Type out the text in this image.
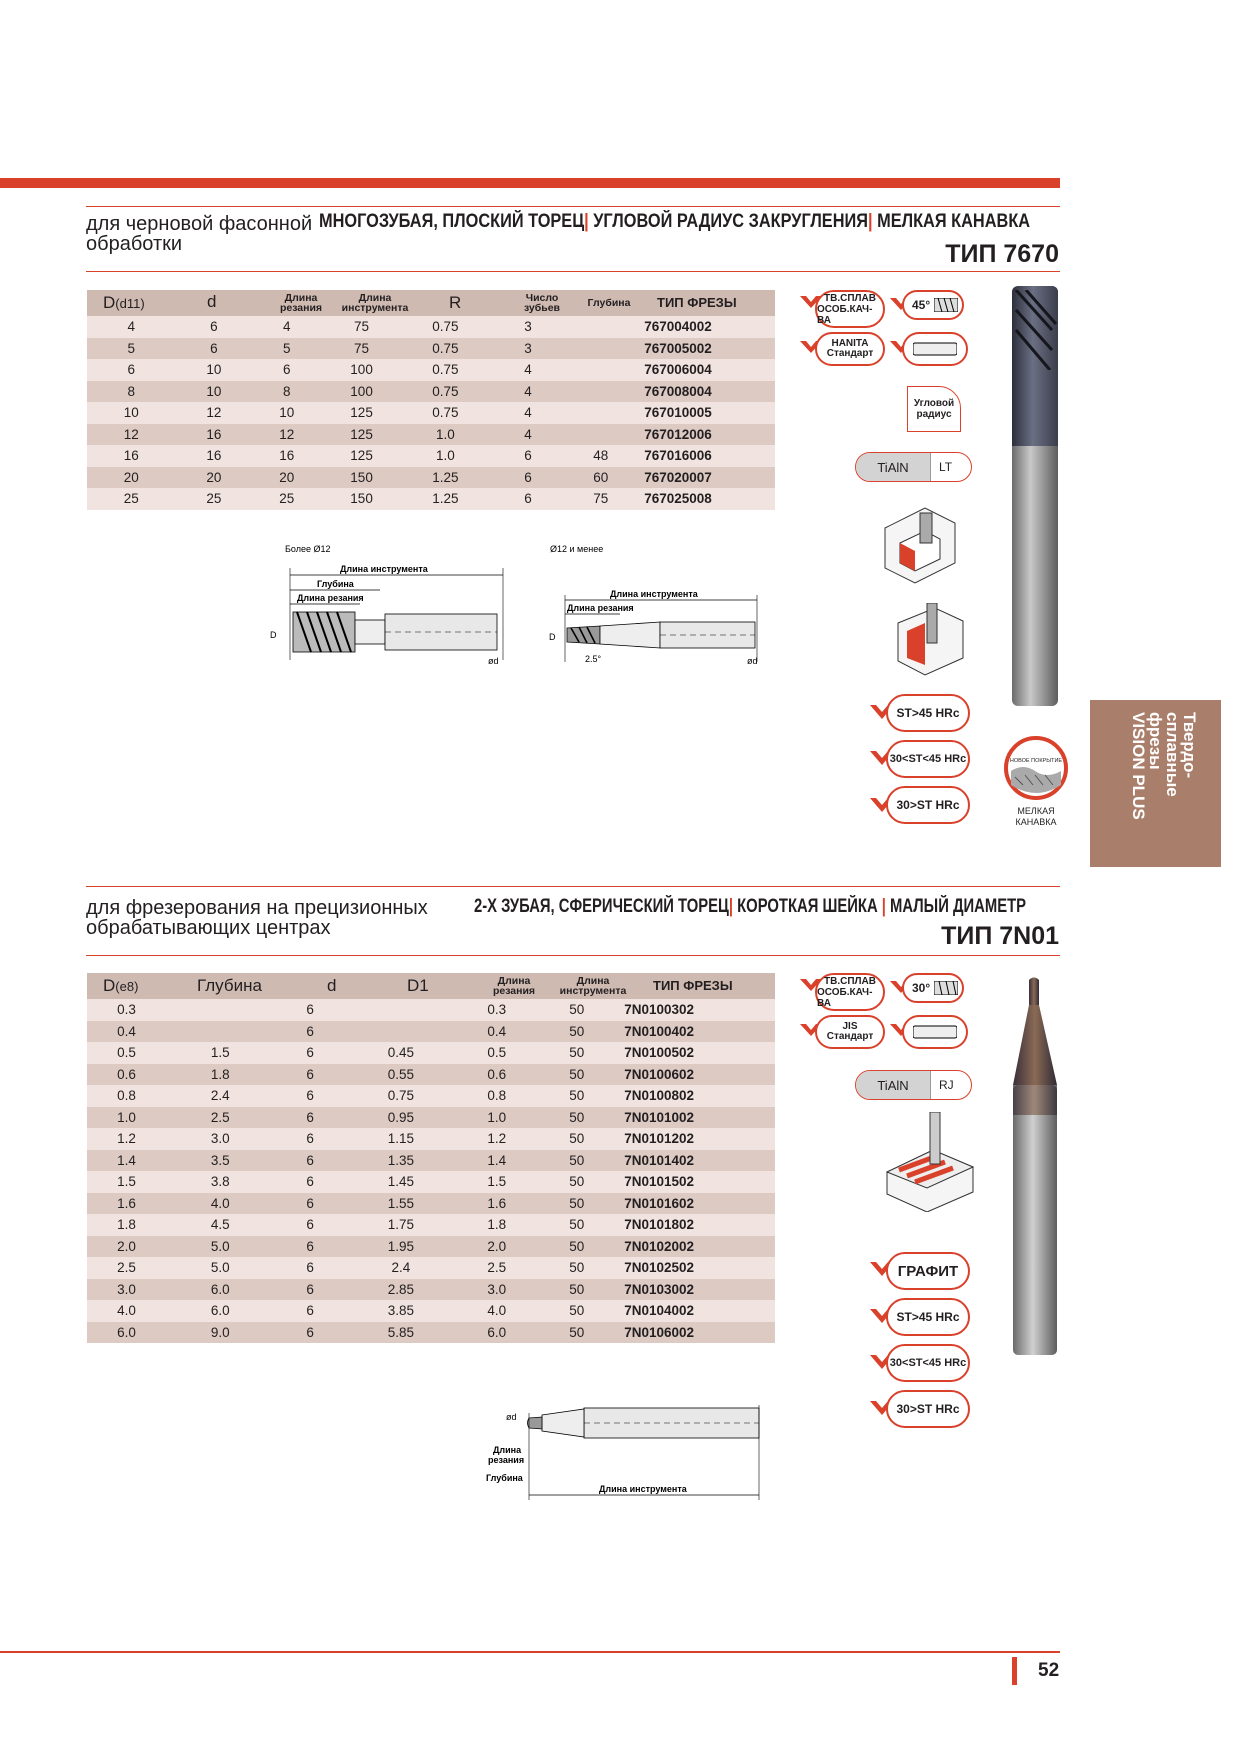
для черновой фасонной
обработки
МНОГОЗУБАЯ, ПЛОСКИЙ ТОРЕЦ| УГЛОВОЙ РАДИУС ЗАКРУГЛЕНИЯ| МЕЛКАЯ КАНАВКА
ТИП 7670
D(d11)	d	Длина
резания
Длина
инструмента	R	Число
зубьев	Глубина ТИП ФРЕЗЫ
4	6	4	75	0.75	3		767004002
5	6	5	75	0.75	3		767005002
6	10	6	100	0.75	4		767006004
8	10	8	100	0.75	4		767008004
10	12	10	125	0.75	4		767010005
12	16	12	125	1.0	4		767012006
16	16	16	125	1.0	6	48	767016006
20	20	20	150	1.25	6	60	767020007
25	25	25	150	1.25	6	75	767025008
Более Ø12
Длина инструмента
Глубина
Длина резания
D
ød
Ø12 и менее
Длина инструмента
Длина резания
D
2.5°	ød
ТВ.СПЛАВ
ОСОБ.КАЧ-ВА
45°
HANITA
Стандарт
Угловой
радиус
TiAlN	LT
ST>45 HRc
30<ST<45 HRc
30>ST HRc
НОВОЕ ПОКРЫТИЕ
МЕЛКАЯ
КАНАВКА
Твердо-
сплавные
фрезы
VISION PLUS
для фрезерования на прецизионных
обрабатывающих центрах
2-Х ЗУБАЯ, СФЕРИЧЕСКИЙ ТОРЕЦ| КОРОТКАЯ ШЕЙКА | МАЛЫЙ ДИАМЕТР
ТИП 7N01
D(e8)	Глубина	d	D1	Длина
резания
Длина
инструмента	ТИП ФРЕЗЫ
0.3		6		0.3	50	7N0100302
0.4		6		0.4	50	7N0100402
0.5	1.5	6	0.45	0.5	50	7N0100502
0.6	1.8	6	0.55	0.6	50	7N0100602
0.8	2.4	6	0.75	0.8	50	7N0100802
1.0	2.5	6	0.95	1.0	50	7N0101002
1.2	3.0	6	1.15	1.2	50	7N0101202
1.4	3.5	6	1.35	1.4	50	7N0101402
1.5	3.8	6	1.45	1.5	50	7N0101502
1.6	4.0	6	1.55	1.6	50	7N0101602
1.8	4.5	6	1.75	1.8	50	7N0101802
2.0	5.0	6	1.95	2.0	50	7N0102002
2.5	5.0	6	2.4	2.5	50	7N0102502
3.0	6.0	6	2.85	3.0	50	7N0103002
4.0	6.0	6	3.85	4.0	50	7N0104002
6.0	9.0	6	5.85	6.0	50	7N0106002
Длина инструмента
ød
Длина
резания
Глубина
ТВ.СПЛАВ
ОСОБ.КАЧ-ВА
30°
JIS
Стандарт
TiAlN	RJ
ГРАФИТ
ST>45 HRc
30<ST<45 HRc
30>ST HRc
52
